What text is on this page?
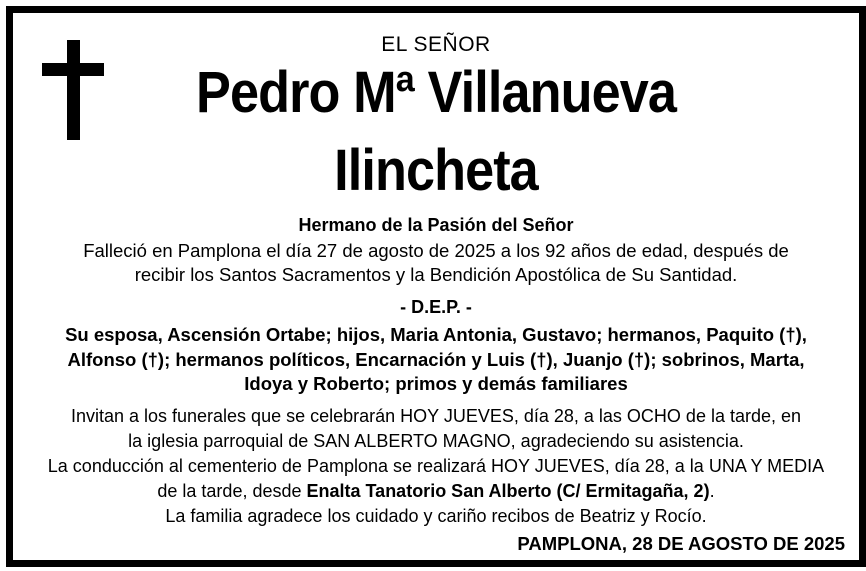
EL SEÑOR
Pedro Mª Villanueva
Ilincheta
Hermano de la Pasión del Señor
Falleció en Pamplona el día 27 de agosto de 2025 a los 92 años de edad, después de
recibir los Santos Sacramentos y la Bendición Apostólica de Su Santidad.
- D.E.P. -
Su esposa, Ascensión Ortabe; hijos, Maria Antonia, Gustavo; hermanos, Paquito (†),
Alfonso (†); hermanos políticos, Encarnación y Luis (†), Juanjo (†); sobrinos, Marta,
Idoya y Roberto; primos y demás familiares
Invitan a los funerales que se celebrarán HOY JUEVES, día 28, a las OCHO de la tarde, en
la iglesia parroquial de SAN ALBERTO MAGNO, agradeciendo su asistencia.
La conducción al cementerio de Pamplona se realizará HOY JUEVES, día 28, a la UNA Y MEDIA
de la tarde, desde Enalta Tanatorio San Alberto (C/ Ermitagaña, 2).
La familia agradece los cuidado y cariño recibos de Beatriz y Rocío.
PAMPLONA, 28 DE AGOSTO DE 2025
